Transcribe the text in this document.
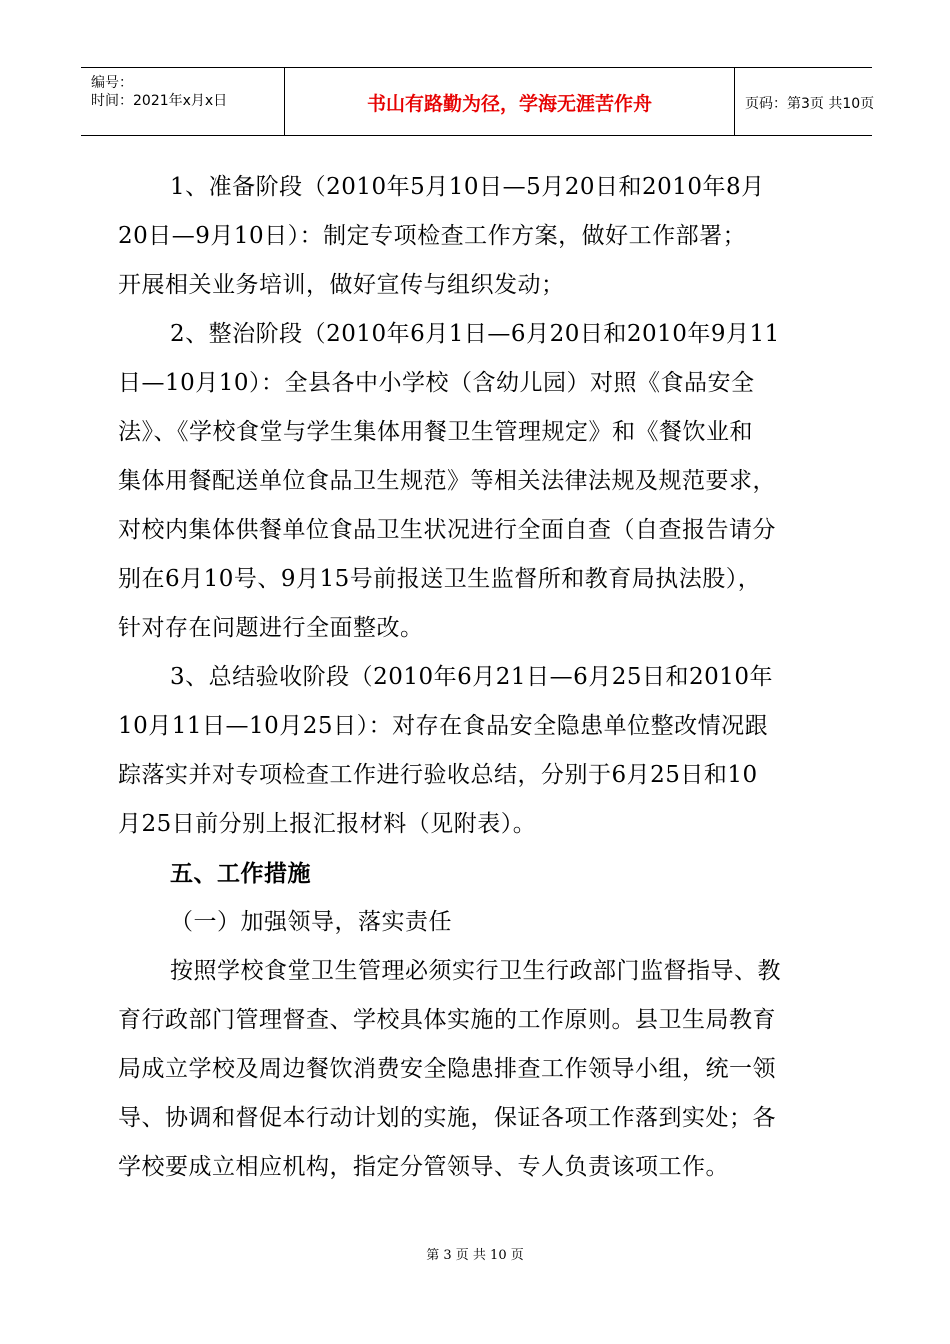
编号：
时间：2021年x月x日	书山有路勤为径，学海无涯苦作舟	页码：第3页 共10页

1、准备阶段（2010年5月10日—5月20日和2010年8月

20日—9月10日）：制定专项检查工作方案，做好工作部署；

开展相关业务培训，做好宣传与组织发动；

2、整治阶段（2010年6月1日—6月20日和2010年9月11

日—10月10）：全县各中小学校（含幼儿园）对照《食品安全

法》、《学校食堂与学生集体用餐卫生管理规定》和《餐饮业和

集体用餐配送单位食品卫生规范》等相关法律法规及规范要求，

对校内集体供餐单位食品卫生状况进行全面自查（自查报告请分

别在6月10号、9月15号前报送卫生监督所和教育局执法股），

针对存在问题进行全面整改。

3、总结验收阶段（2010年6月21日—6月25日和2010年

10月11日—10月25日）：对存在食品安全隐患单位整改情况跟

踪落实并对专项检查工作进行验收总结，分别于6月25日和10

月25日前分别上报汇报材料（见附表）。

五、工作措施

（一）加强领导，落实责任

按照学校食堂卫生管理必须实行卫生行政部门监督指导、教

育行政部门管理督查、学校具体实施的工作原则。县卫生局教育

局成立学校及周边餐饮消费安全隐患排查工作领导小组，统一领

导、协调和督促本行动计划的实施，保证各项工作落到实处；各

学校要成立相应机构，指定分管领导、专人负责该项工作。

第 3 页 共 10 页
